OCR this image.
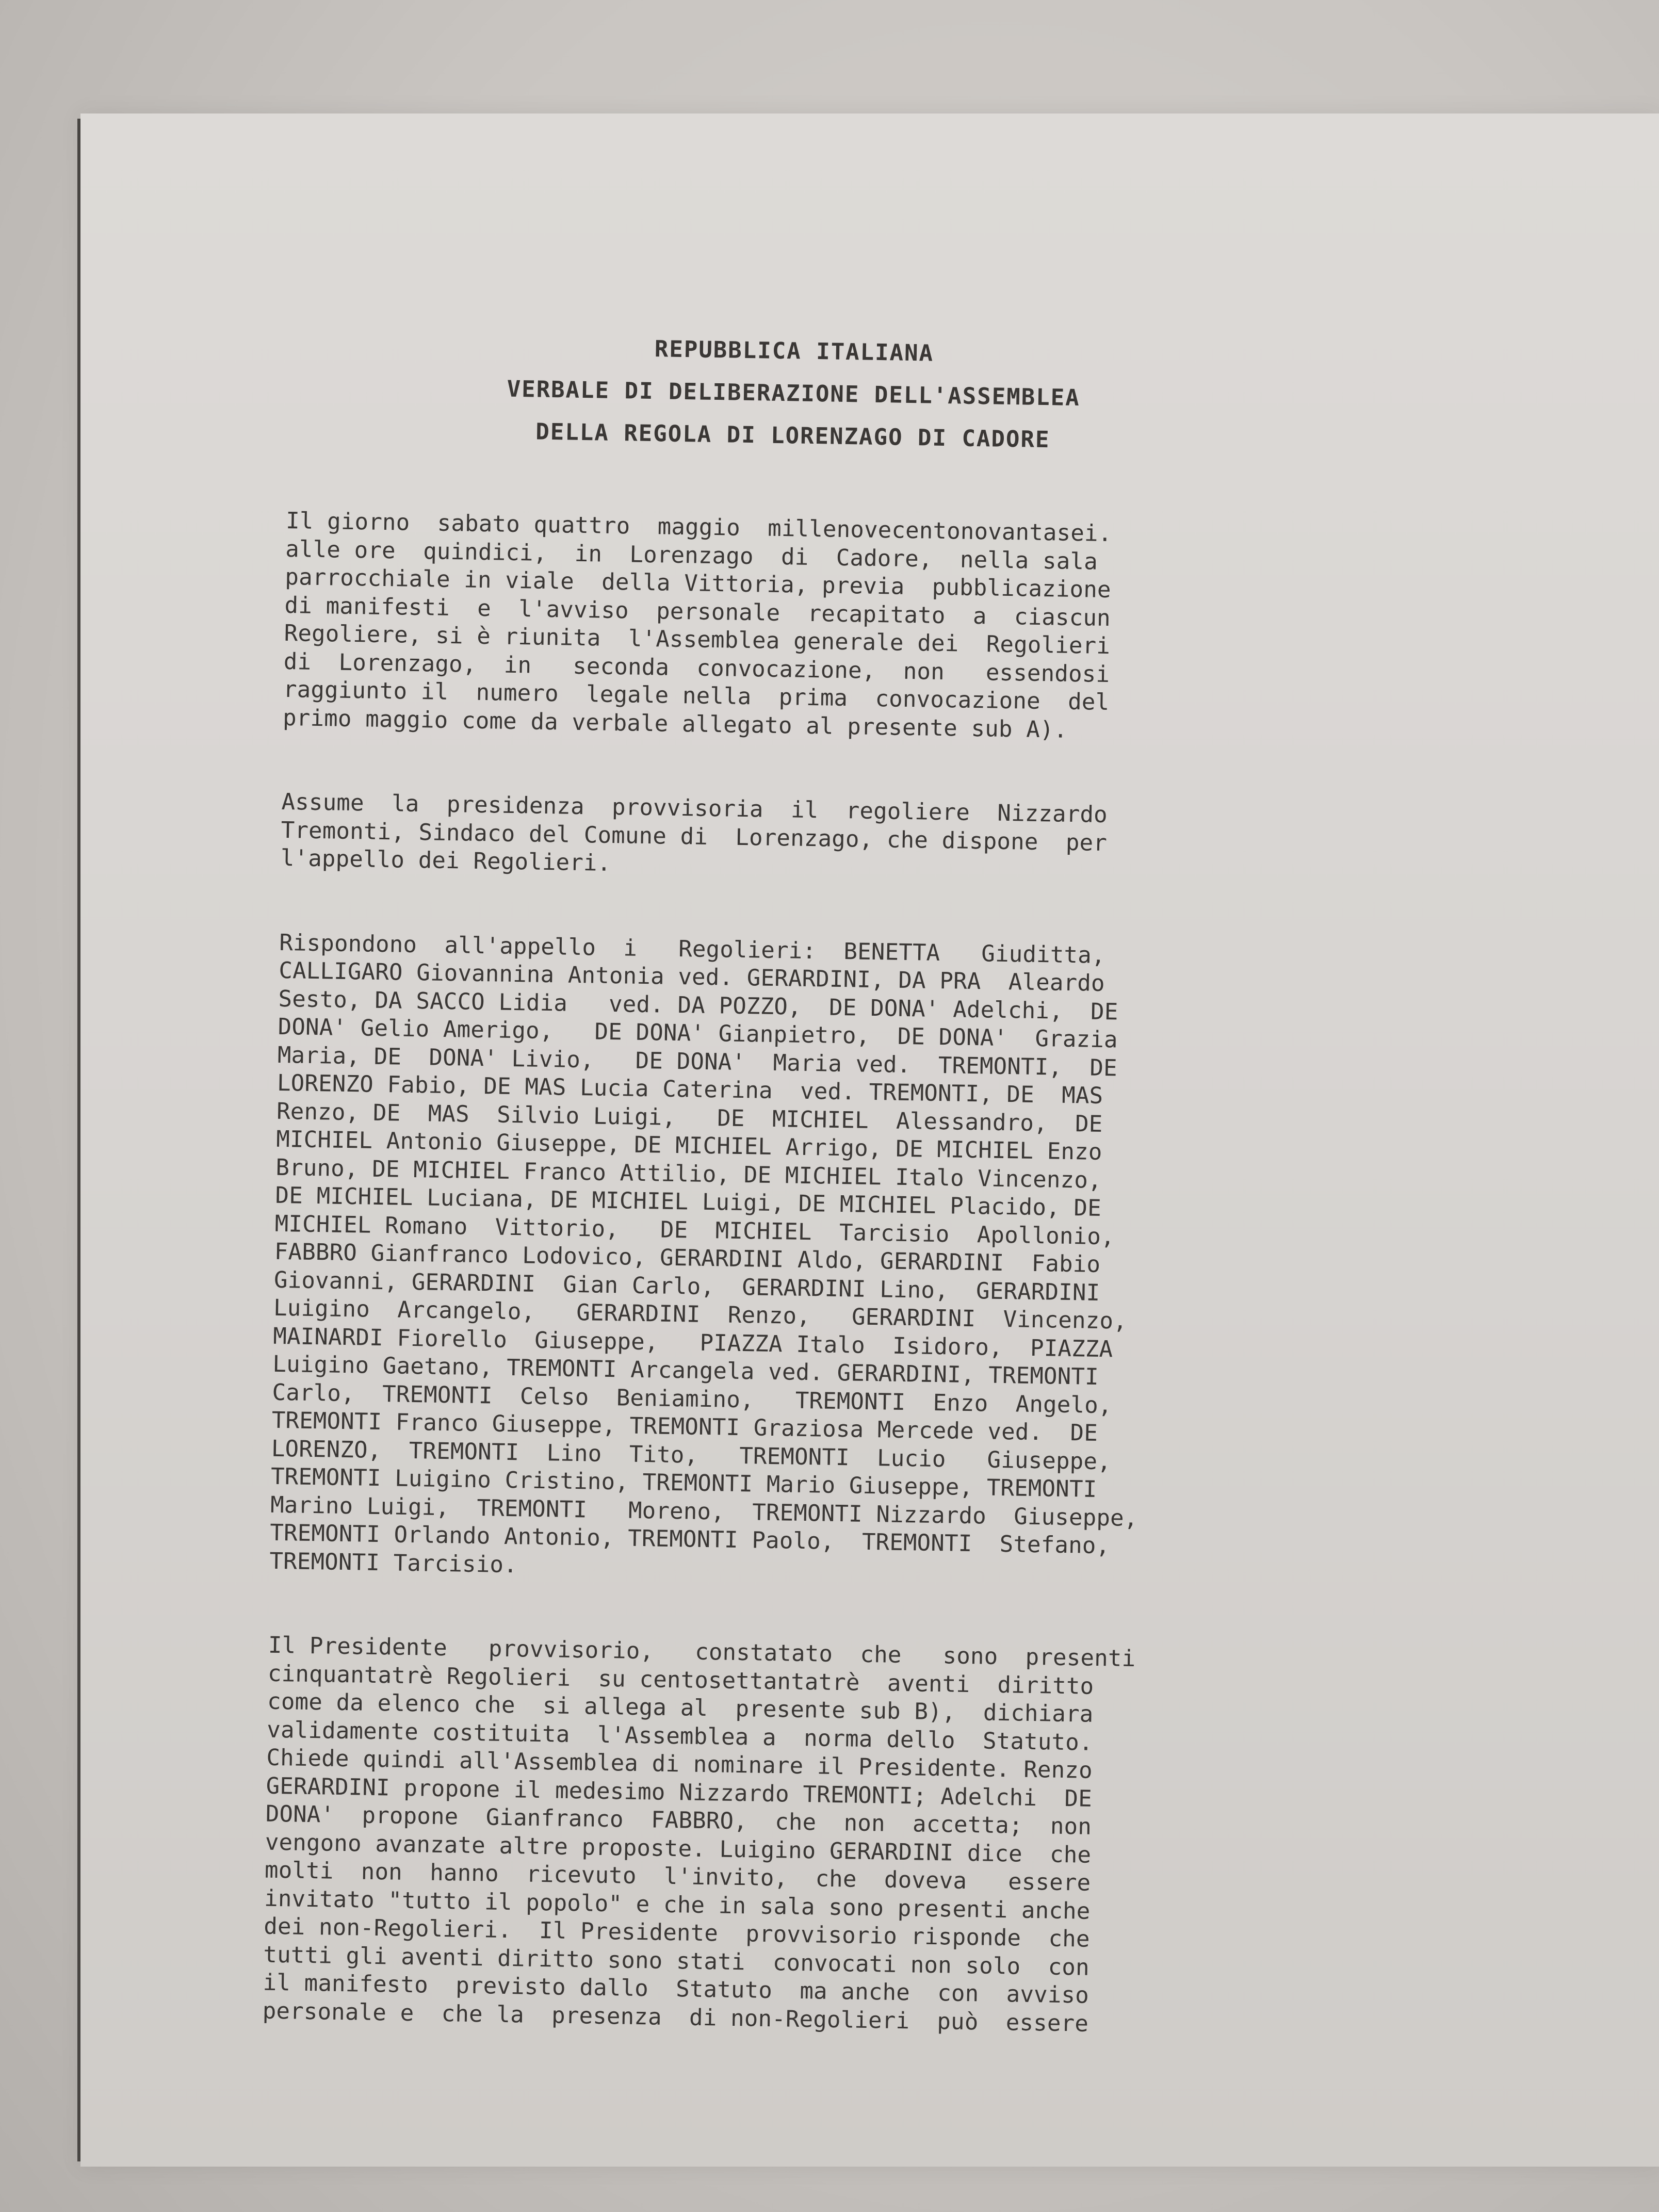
REPUBBLICA ITALIANA
VERBALE DI DELIBERAZIONE DELL'ASSEMBLEA
DELLA REGOLA DI LORENZAGO DI CADORE

Il giorno  sabato quattro  maggio  millenovecentonovantasei.
alle ore  quindici,  in  Lorenzago  di  Cadore,  nella sala
parrocchiale in viale  della Vittoria, previa  pubblicazione
di manifesti  e  l'avviso  personale  recapitato  a  ciascun
Regoliere, si è riunita  l'Assemblea generale dei  Regolieri
di  Lorenzago,  in   seconda  convocazione,  non   essendosi
raggiunto il  numero  legale nella  prima  convocazione  del
primo maggio come da verbale allegato al presente sub A).

Assume  la  presidenza  provvisoria  il  regoliere  Nizzardo
Tremonti, Sindaco del Comune di  Lorenzago, che dispone  per
l'appello dei Regolieri.

Rispondono  all'appello  i   Regolieri:  BENETTA   Giuditta,
CALLIGARO Giovannina Antonia ved. GERARDINI, DA PRA  Aleardo
Sesto, DA SACCO Lidia   ved. DA POZZO,  DE DONA' Adelchi,  DE
DONA' Gelio Amerigo,   DE DONA' Gianpietro,  DE DONA'  Grazia
Maria, DE  DONA' Livio,   DE DONA'  Maria ved.  TREMONTI,  DE
LORENZO Fabio, DE MAS Lucia Caterina  ved. TREMONTI, DE  MAS
Renzo, DE  MAS  Silvio Luigi,   DE  MICHIEL  Alessandro,  DE
MICHIEL Antonio Giuseppe, DE MICHIEL Arrigo, DE MICHIEL Enzo
Bruno, DE MICHIEL Franco Attilio, DE MICHIEL Italo Vincenzo,
DE MICHIEL Luciana, DE MICHIEL Luigi, DE MICHIEL Placido, DE
MICHIEL Romano  Vittorio,   DE  MICHIEL  Tarcisio  Apollonio,
FABBRO Gianfranco Lodovico, GERARDINI Aldo, GERARDINI  Fabio
Giovanni, GERARDINI  Gian Carlo,  GERARDINI Lino,  GERARDINI
Luigino  Arcangelo,   GERARDINI  Renzo,   GERARDINI  Vincenzo,
MAINARDI Fiorello  Giuseppe,   PIAZZA Italo  Isidoro,  PIAZZA
Luigino Gaetano, TREMONTI Arcangela ved. GERARDINI, TREMONTI
Carlo,  TREMONTI  Celso  Beniamino,   TREMONTI  Enzo  Angelo,
TREMONTI Franco Giuseppe, TREMONTI Graziosa Mercede ved.  DE
LORENZO,  TREMONTI  Lino  Tito,   TREMONTI  Lucio   Giuseppe,
TREMONTI Luigino Cristino, TREMONTI Mario Giuseppe, TREMONTI
Marino Luigi,  TREMONTI   Moreno,  TREMONTI Nizzardo  Giuseppe,
TREMONTI Orlando Antonio, TREMONTI Paolo,  TREMONTI  Stefano,
TREMONTI Tarcisio.

Il Presidente   provvisorio,   constatato  che   sono  presenti
cinquantatrè Regolieri  su centosettantatrè  aventi  diritto
come da elenco che  si allega al  presente sub B),  dichiara
validamente costituita  l'Assemblea a  norma dello  Statuto.
Chiede quindi all'Assemblea di nominare il Presidente. Renzo
GERARDINI propone il medesimo Nizzardo TREMONTI; Adelchi  DE
DONA'  propone  Gianfranco  FABBRO,  che  non  accetta;  non
vengono avanzate altre proposte. Luigino GERARDINI dice  che
molti  non  hanno  ricevuto  l'invito,  che  doveva   essere
invitato "tutto il popolo" e che in sala sono presenti anche
dei non-Regolieri.  Il Presidente  provvisorio risponde  che
tutti gli aventi diritto sono stati  convocati non solo  con
il manifesto  previsto dallo  Statuto  ma anche  con  avviso
personale e  che la  presenza  di non-Regolieri  può  essere
